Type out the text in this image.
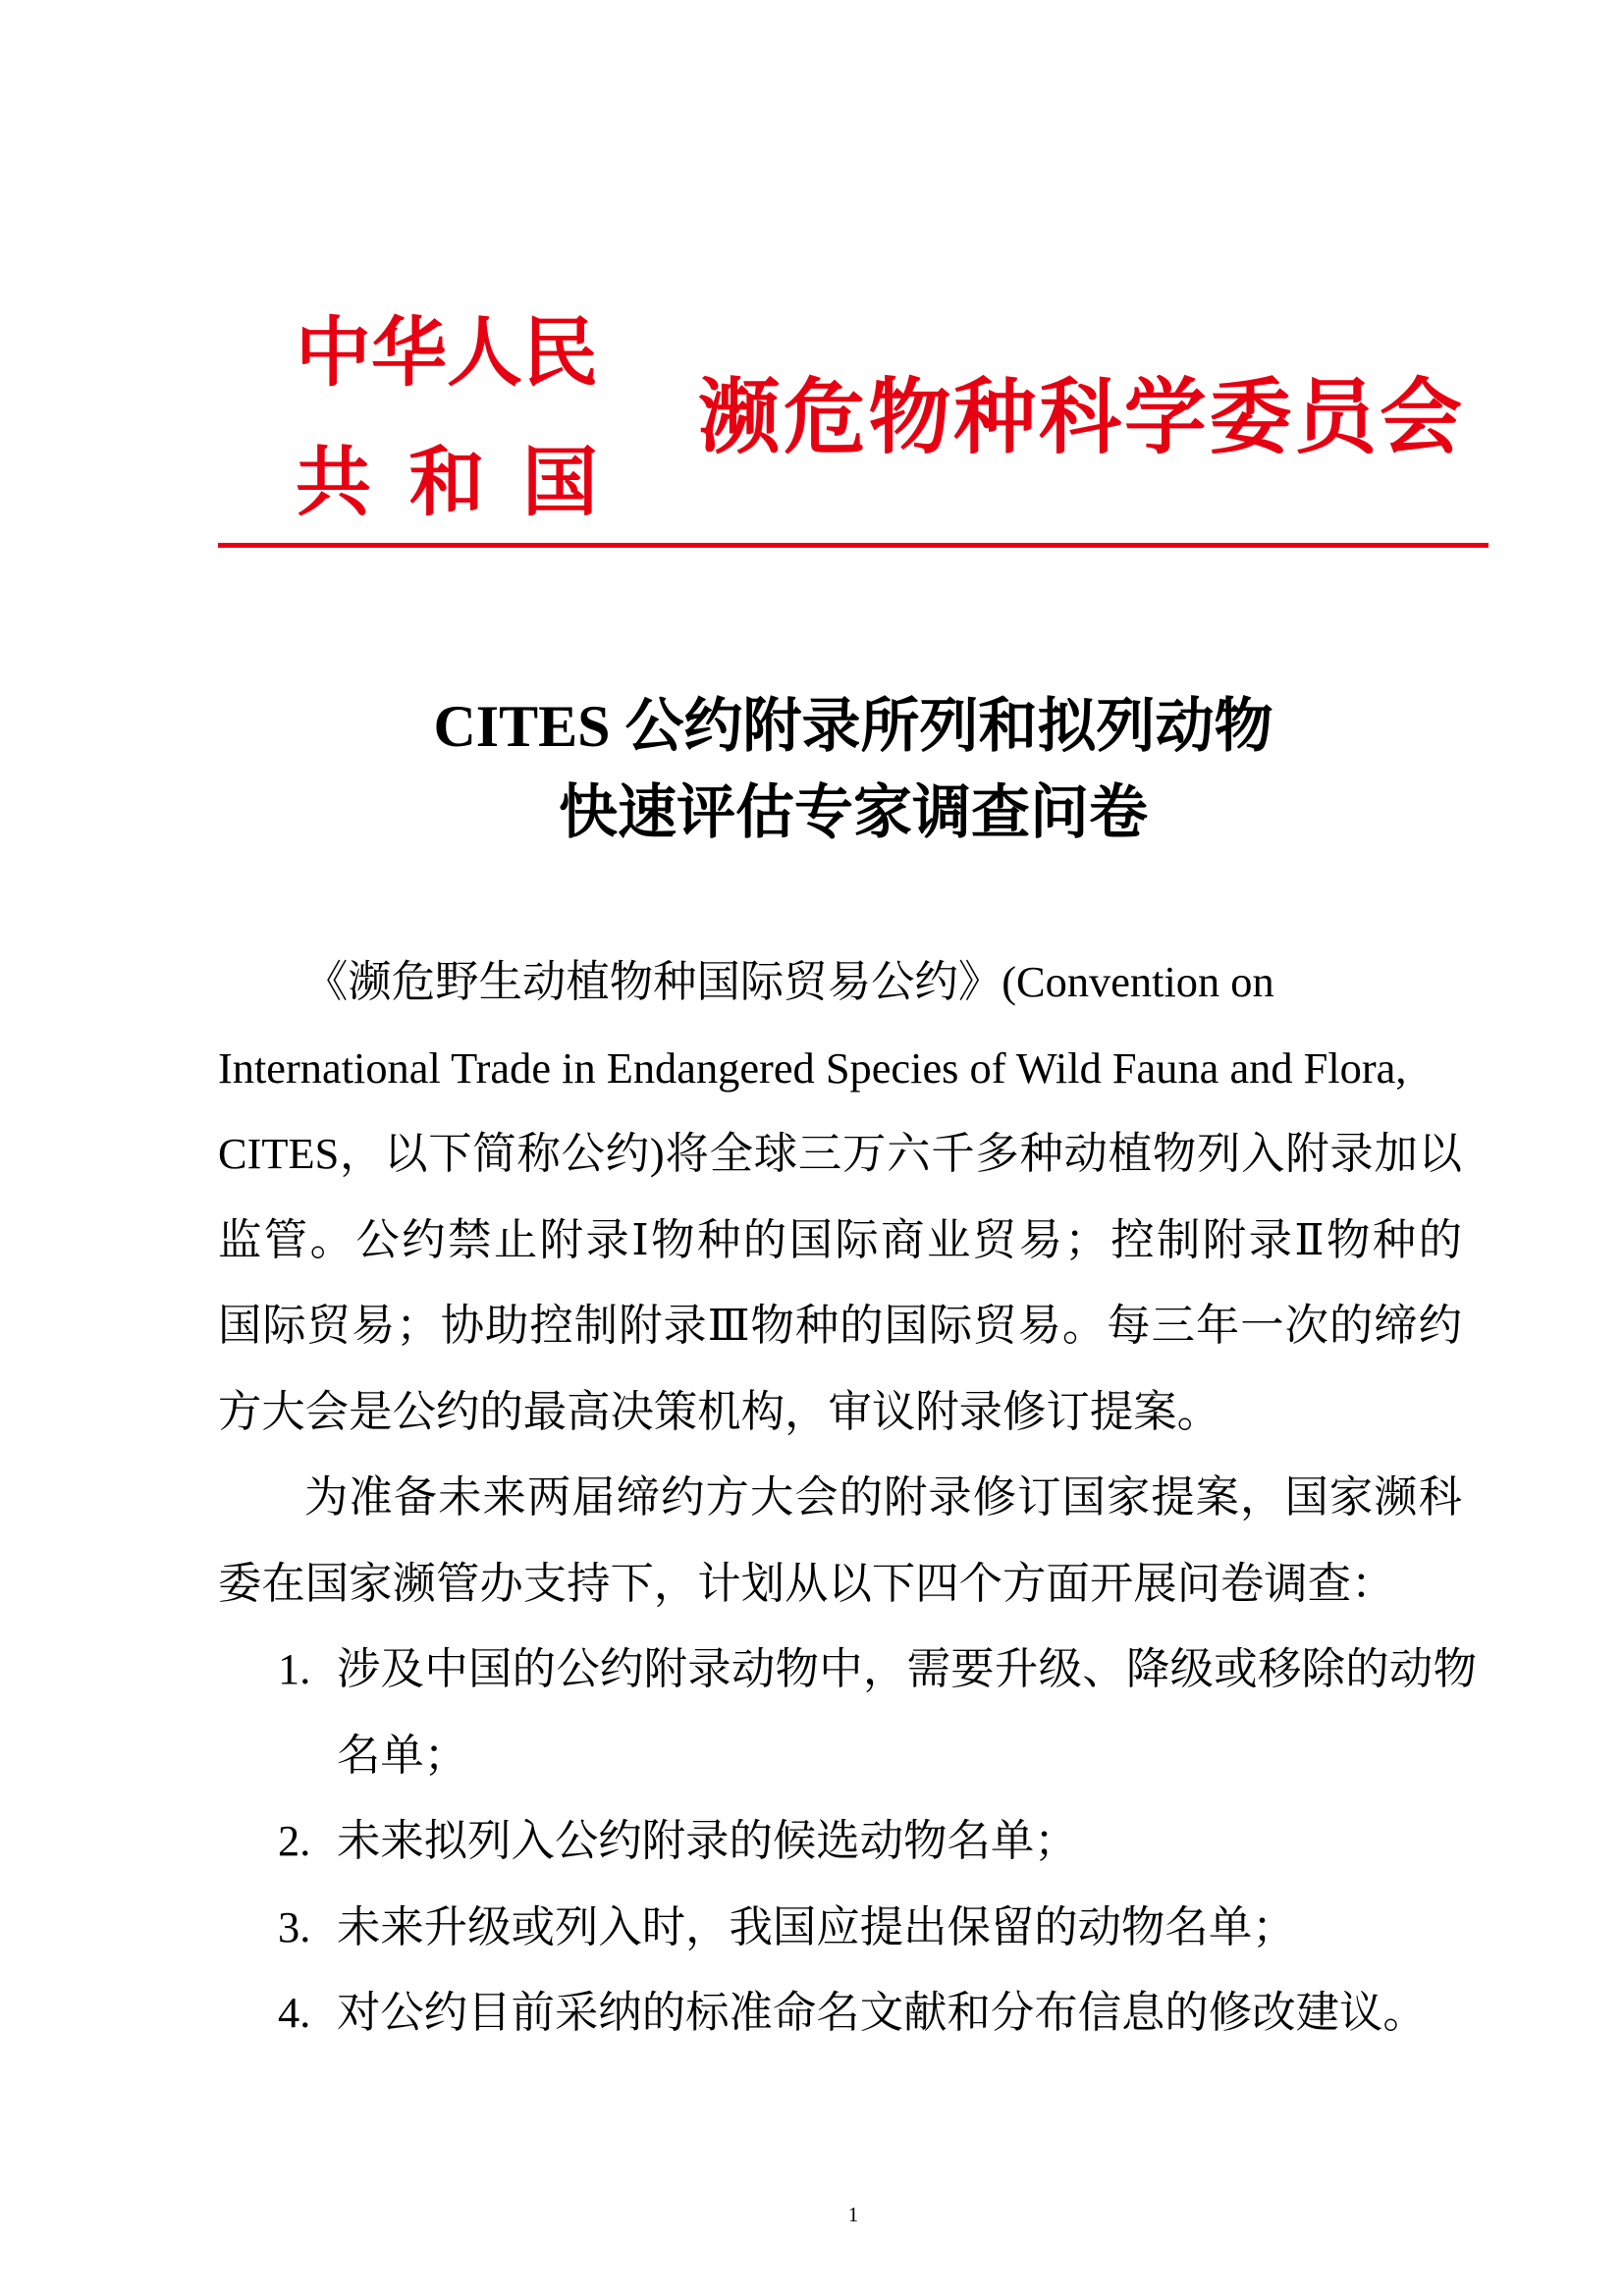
中华人民
共 和 国
濒危物种科学委员会
CITES 公约附录所列和拟列动物
快速评估专家调查问卷
《濒危野生动植物种国际贸易公约》(Convention on
International Trade in Endangered Species of Wild Fauna and Flora,
CITES，以下简称公约)将全球三万六千多种动植物列入附录加以
监管。公约禁止附录Ⅰ物种的国际商业贸易；控制附录Ⅱ物种的
国际贸易；协助控制附录Ⅲ物种的国际贸易。每三年一次的缔约
方大会是公约的最高决策机构，审议附录修订提案。
为准备未来两届缔约方大会的附录修订国家提案，国家濒科
委在国家濒管办支持下，计划从以下四个方面开展问卷调查：
1. 涉及中国的公约附录动物中，需要升级、降级或移除的动物
名单；
2. 未来拟列入公约附录的候选动物名单；
3. 未来升级或列入时，我国应提出保留的动物名单；
4. 对公约目前采纳的标准命名文献和分布信息的修改建议。
1
